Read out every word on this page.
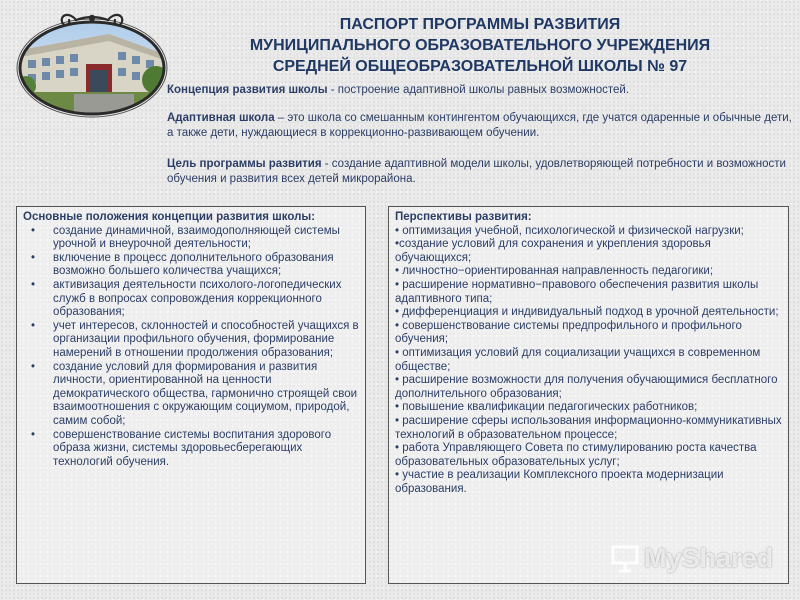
ПАСПОРТ ПРОГРАММЫ РАЗВИТИЯ
МУНИЦИПАЛЬНОГО ОБРАЗОВАТЕЛЬНОГО УЧРЕЖДЕНИЯ
СРЕДНЕЙ ОБЩЕОБРАЗОВАТЕЛЬНОЙ ШКОЛЫ № 97

Концепция развития школы - построение адаптивной школы равных возможностей.

Адаптивная школа – это школа со смешанным контингентом обучающихся, где учатся одаренные и обычные дети, а также дети, нуждающиеся в коррекционно-развивающем обучении.

Цель программы развития - создание адаптивной модели школы, удовлетворяющей потребности и возможности обучения и развития всех детей микрорайона.

Основные положения концепции развития школы:

• создание динамичной, взаимодополняющей системы урочной и внеурочной деятельности;
• включение в процесс дополнительного образования возможно большего количества учащихся;
• активизация деятельности психолого-логопедических служб в вопросах сопровождения коррекционного образования;
• учет интересов, склонностей и способностей учащихся в организации профильного обучения, формирование намерений в отношении продолжения образования;
• создание условий для формирования и развития личности, ориентированной на ценности демократического общества, гармонично строящей свои взаимоотношения с окружающим социумом, природой, самим собой;
• совершенствование системы воспитания здорового образа жизни, системы здоровьесберегающих технологий обучения.

Перспективы развития:

• оптимизация учебной, психологической и физической нагрузки;
•создание условий для сохранения и укрепления здоровья обучающихся;
• личностно−ориентированная направленность педагогики;
• расширение нормативно−правового обеспечения развития школы адаптивного типа;
• дифференциация и индивидуальный подход в урочной деятельности;
• совершенствование системы предпрофильного и профильного обучения;
• оптимизация условий для социализации учащихся в современном обществе;
• расширение возможности для получения обучающимися бесплатного дополнительного образования;
• повышение квалификации педагогических работников;
• расширение сферы использования информационно-коммуникативных технологий в образовательном процессе;
• работа Управляющего Совета по стимулированию роста качества образовательных образовательных услуг;
• участие в реализации Комплексного проекта модернизации образования.
MyShared
